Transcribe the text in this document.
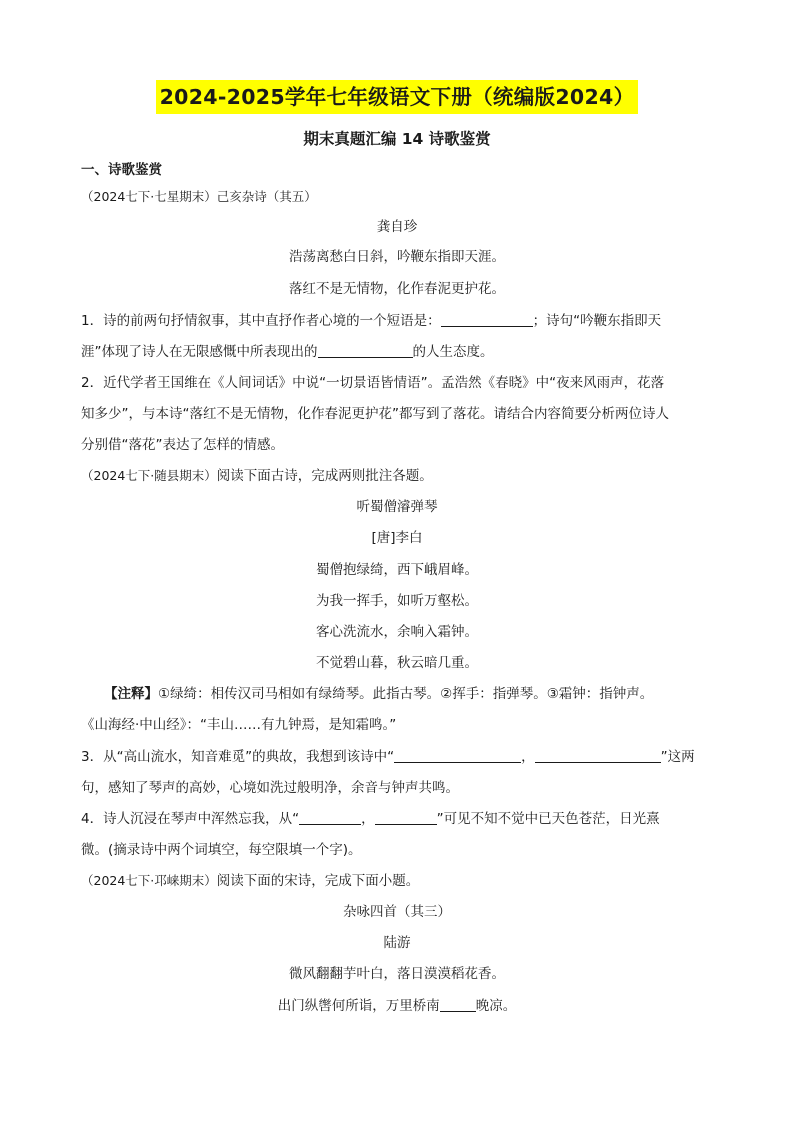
2024-2025学年七年级语文下册（统编版2024）
期末真题汇编 14 诗歌鉴赏
一、诗歌鉴赏
（2024七下·七星期末）己亥杂诗（其五）
龚自珍
浩荡离愁白日斜，吟鞭东指即天涯。
落红不是无情物，化作春泥更护花。
1．诗的前两句抒情叙事，其中直抒作者心境的一个短语是：	；诗句“吟鞭东指即天
涯”体现了诗人在无限感慨中所表现出的	的人生态度。
2．近代学者王国维在《人间词话》中说“一切景语皆情语”。孟浩然《春晓》中“夜来风雨声，花落
知多少”，与本诗“落红不是无情物，化作春泥更护花”都写到了落花。请结合内容简要分析两位诗人
分别借“落花”表达了怎样的情感。
（2024七下·随县期末）阅读下面古诗，完成两则批注各题。
听蜀僧濬弹琴
[唐]李白
蜀僧抱绿绮，西下峨眉峰。
为我一挥手，如听万壑松。
客心洗流水，余响入霜钟。
不觉碧山暮，秋云暗几重。
【注释】①绿绮：相传汉司马相如有绿绮琴。此指古琴。②挥手：指弹琴。③霜钟：指钟声。
《山海经·中山经》：“丰山……有九钟焉，是知霜鸣。”
3．从“高山流水，知音难觅”的典故，我想到该诗中“	，	”这两
句，感知了琴声的高妙，心境如洗过般明净，余音与钟声共鸣。
4．诗人沉浸在琴声中浑然忘我，从“	，	”可见不知不觉中已天色苍茫，日光熹
微。(摘录诗中两个词填空，每空限填一个字)。
（2024七下·邛崃期末）阅读下面的宋诗，完成下面小题。
杂咏四首（其三）
陆游
微风翻翻芋叶白，落日漠漠稻花香。
出门纵辔何所诣，万里桥南	晚凉。
